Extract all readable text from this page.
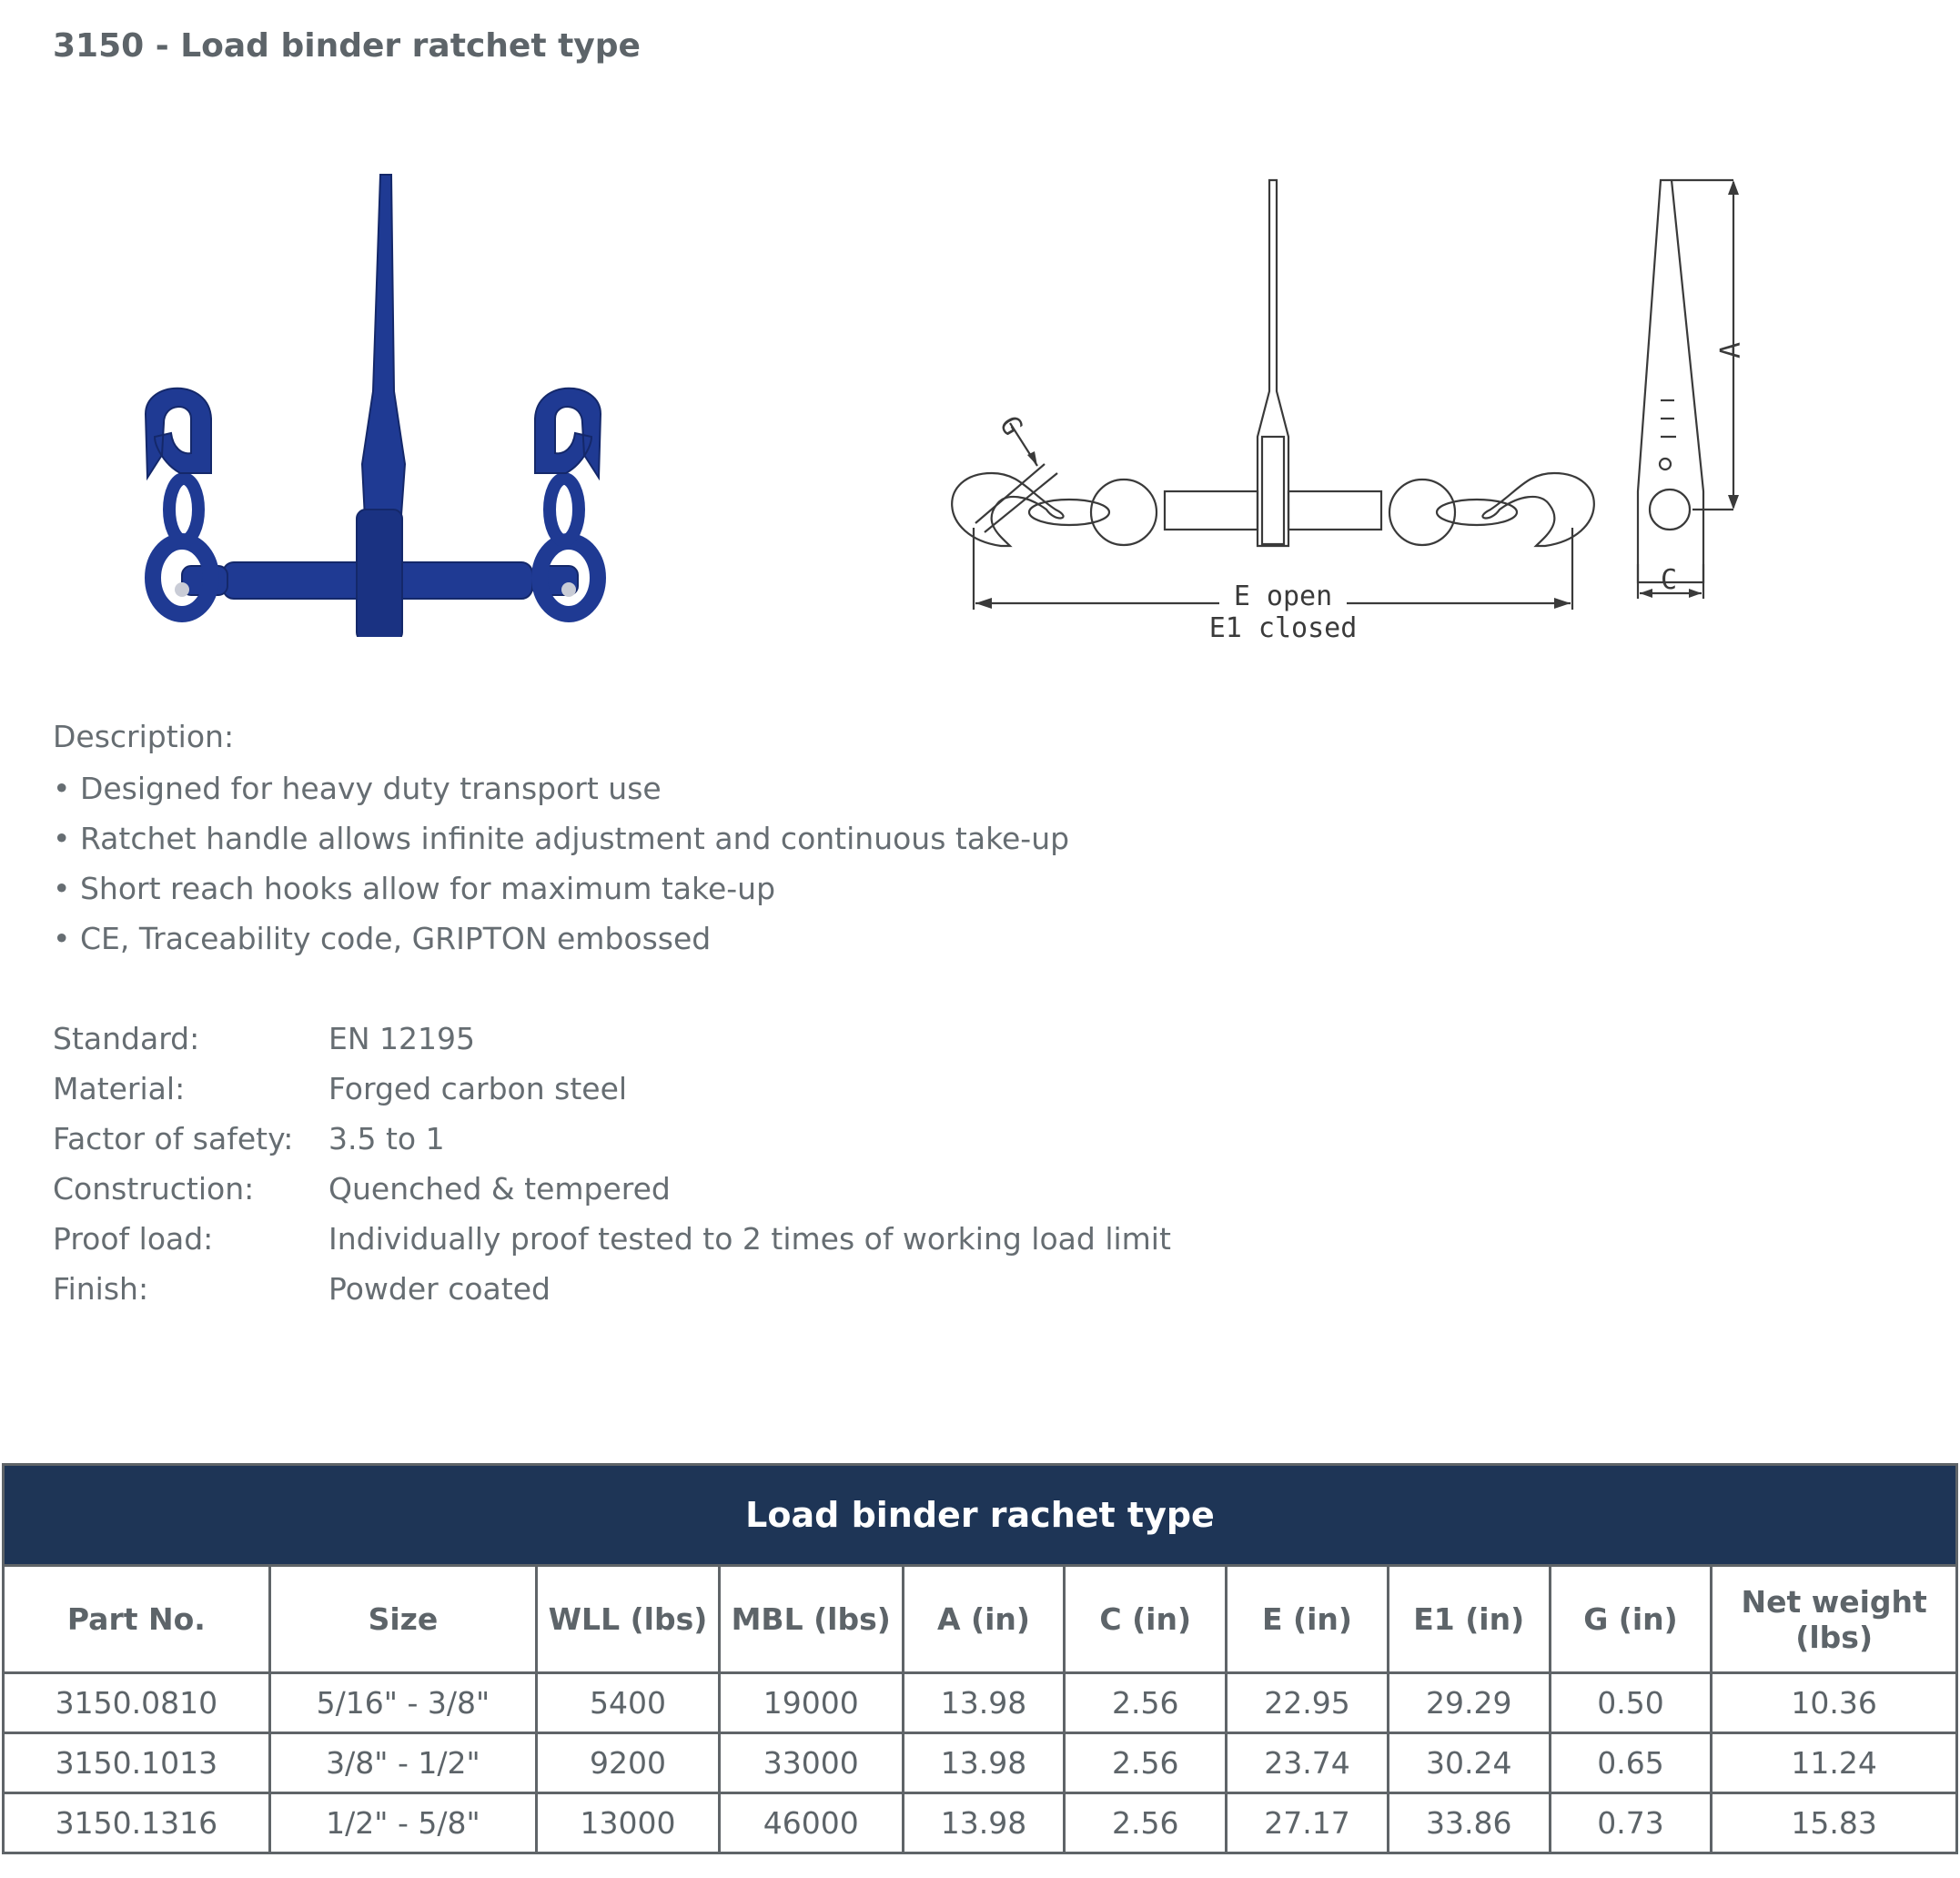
3150 - Load binder ratchet type
A
C
G
E open
E1 closed
Description:
• Designed for heavy duty transport use
• Ratchet handle allows infinite adjustment and continuous take-up
• Short reach hooks allow for maximum take-up
• CE, Traceability code, GRIPTON embossed
Standard:	EN 12195
Material:	Forged carbon steel
Factor of safety:	3.5 to 1
Construction:	Quenched & tempered
Proof load:	Individually proof tested to 2 times of working load limit
Finish:	Powder coated
Load binder rachet type									
Part No.	Size	WLL (lbs)	MBL (lbs)	A (in)	C (in)	E (in)	E1 (in)	G (in)	Net weight (lbs)
3150.0810	5/16" - 3/8"	5400	19000	13.98	2.56	22.95	29.29	0.50	10.36
3150.1013	3/8" - 1/2"	9200	33000	13.98	2.56	23.74	30.24	0.65	11.24
3150.1316	1/2" - 5/8"	13000	46000	13.98	2.56	27.17	33.86	0.73	15.83
